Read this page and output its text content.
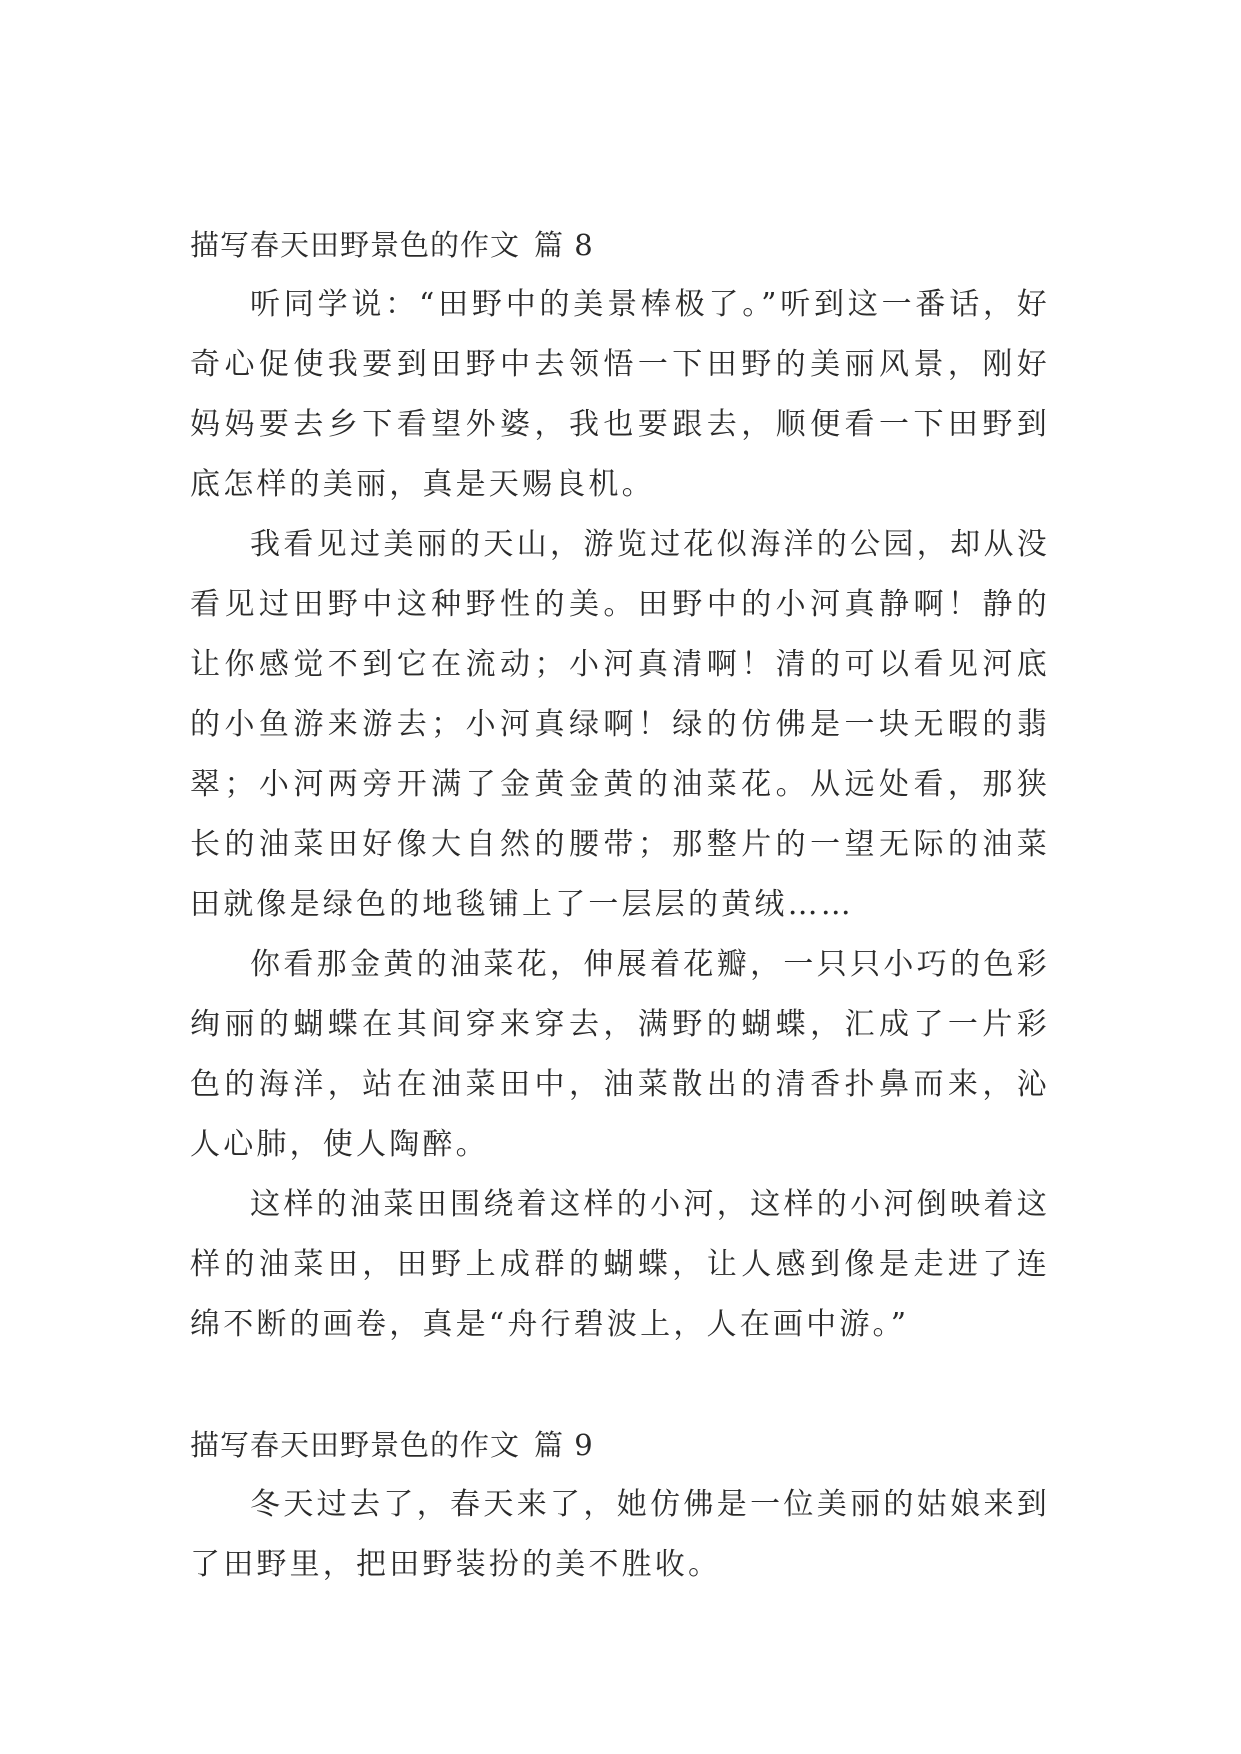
描写春天田野景色的作文 篇 8

听同学说：“田野中的美景棒极了。”听到这一番话，好奇心促使我要到田野中去领悟一下田野的美丽风景，刚好妈妈要去乡下看望外婆，我也要跟去，顺便看一下田野到底怎样的美丽，真是天赐良机。

我看见过美丽的天山，游览过花似海洋的公园，却从没看见过田野中这种野性的美。田野中的小河真静啊！静的让你感觉不到它在流动；小河真清啊！清的可以看见河底的小鱼游来游去；小河真绿啊！绿的仿佛是一块无暇的翡翠；小河两旁开满了金黄金黄的油菜花。从远处看，那狭长的油菜田好像大自然的腰带；那整片的一望无际的油菜田就像是绿色的地毯铺上了一层层的黄绒……

你看那金黄的油菜花，伸展着花瓣，一只只小巧的色彩绚丽的蝴蝶在其间穿来穿去，满野的蝴蝶，汇成了一片彩色的海洋，站在油菜田中，油菜散出的清香扑鼻而来，沁人心肺，使人陶醉。

这样的油菜田围绕着这样的小河，这样的小河倒映着这样的油菜田，田野上成群的蝴蝶，让人感到像是走进了连绵不断的画卷，真是“舟行碧波上，人在画中游。”

描写春天田野景色的作文 篇 9

冬天过去了，春天来了，她仿佛是一位美丽的姑娘来到了田野里，把田野装扮的美不胜收。
